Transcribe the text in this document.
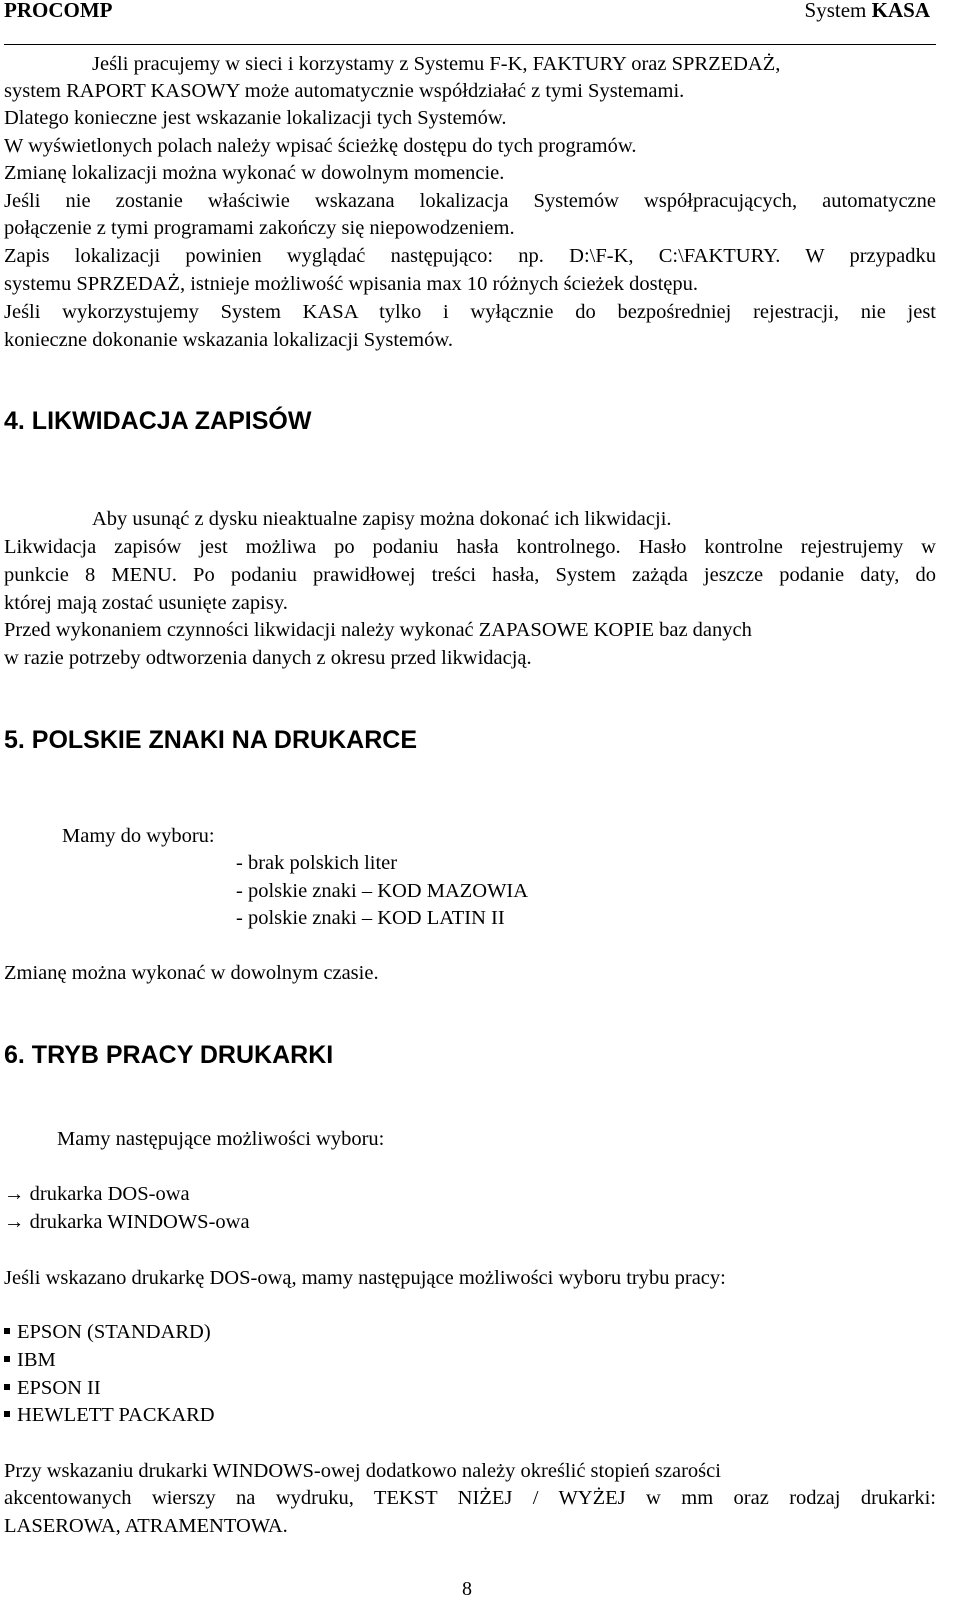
PROCOMP	System KASA
Jeśli pracujemy w sieci i korzystamy z Systemu F-K, FAKTURY oraz SPRZEDAŻ,
system RAPORT KASOWY może automatycznie współdziałać z tymi Systemami.
Dlatego konieczne jest wskazanie lokalizacji tych Systemów.
W wyświetlonych polach należy wpisać ścieżkę dostępu do tych programów.
Zmianę lokalizacji można wykonać w dowolnym momencie.
Jeśli nie zostanie właściwie wskazana lokalizacja Systemów współpracujących, automatyczne
połączenie z tymi programami zakończy się niepowodzeniem.
Zapis lokalizacji powinien wyglądać następująco: np. D:\F-K, C:\FAKTURY. W przypadku
systemu SPRZEDAŻ, istnieje możliwość wpisania max 10 różnych ścieżek dostępu.
Jeśli wykorzystujemy System KASA tylko i wyłącznie do bezpośredniej rejestracji, nie jest
konieczne dokonanie wskazania lokalizacji Systemów.
4. LIKWIDACJA ZAPISÓW
Aby usunąć z dysku nieaktualne zapisy można dokonać ich likwidacji.
Likwidacja zapisów jest możliwa po podaniu hasła kontrolnego. Hasło kontrolne rejestrujemy w
punkcie 8 MENU. Po podaniu prawidłowej treści hasła, System zażąda jeszcze podanie daty, do
której mają zostać usunięte zapisy.
Przed wykonaniem czynności likwidacji należy wykonać ZAPASOWE KOPIE baz danych
w razie potrzeby odtworzenia danych z okresu przed likwidacją.
5. POLSKIE ZNAKI NA DRUKARCE
Mamy do wyboru:
- brak polskich liter
- polskie znaki – KOD MAZOWIA
- polskie znaki – KOD LATIN II
Zmianę można wykonać w dowolnym czasie.
6. TRYB PRACY DRUKARKI
Mamy następujące możliwości wyboru:
→ drukarka DOS-owa
→ drukarka WINDOWS-owa
Jeśli wskazano drukarkę DOS-ową, mamy następujące możliwości wyboru trybu pracy:
EPSON (STANDARD)
IBM
EPSON II
HEWLETT PACKARD
Przy wskazaniu drukarki WINDOWS-owej dodatkowo należy określić stopień szarości
akcentowanych wierszy na wydruku, TEKST NIŻEJ / WYŻEJ w mm oraz rodzaj drukarki:
LASEROWA, ATRAMENTOWA.
8
